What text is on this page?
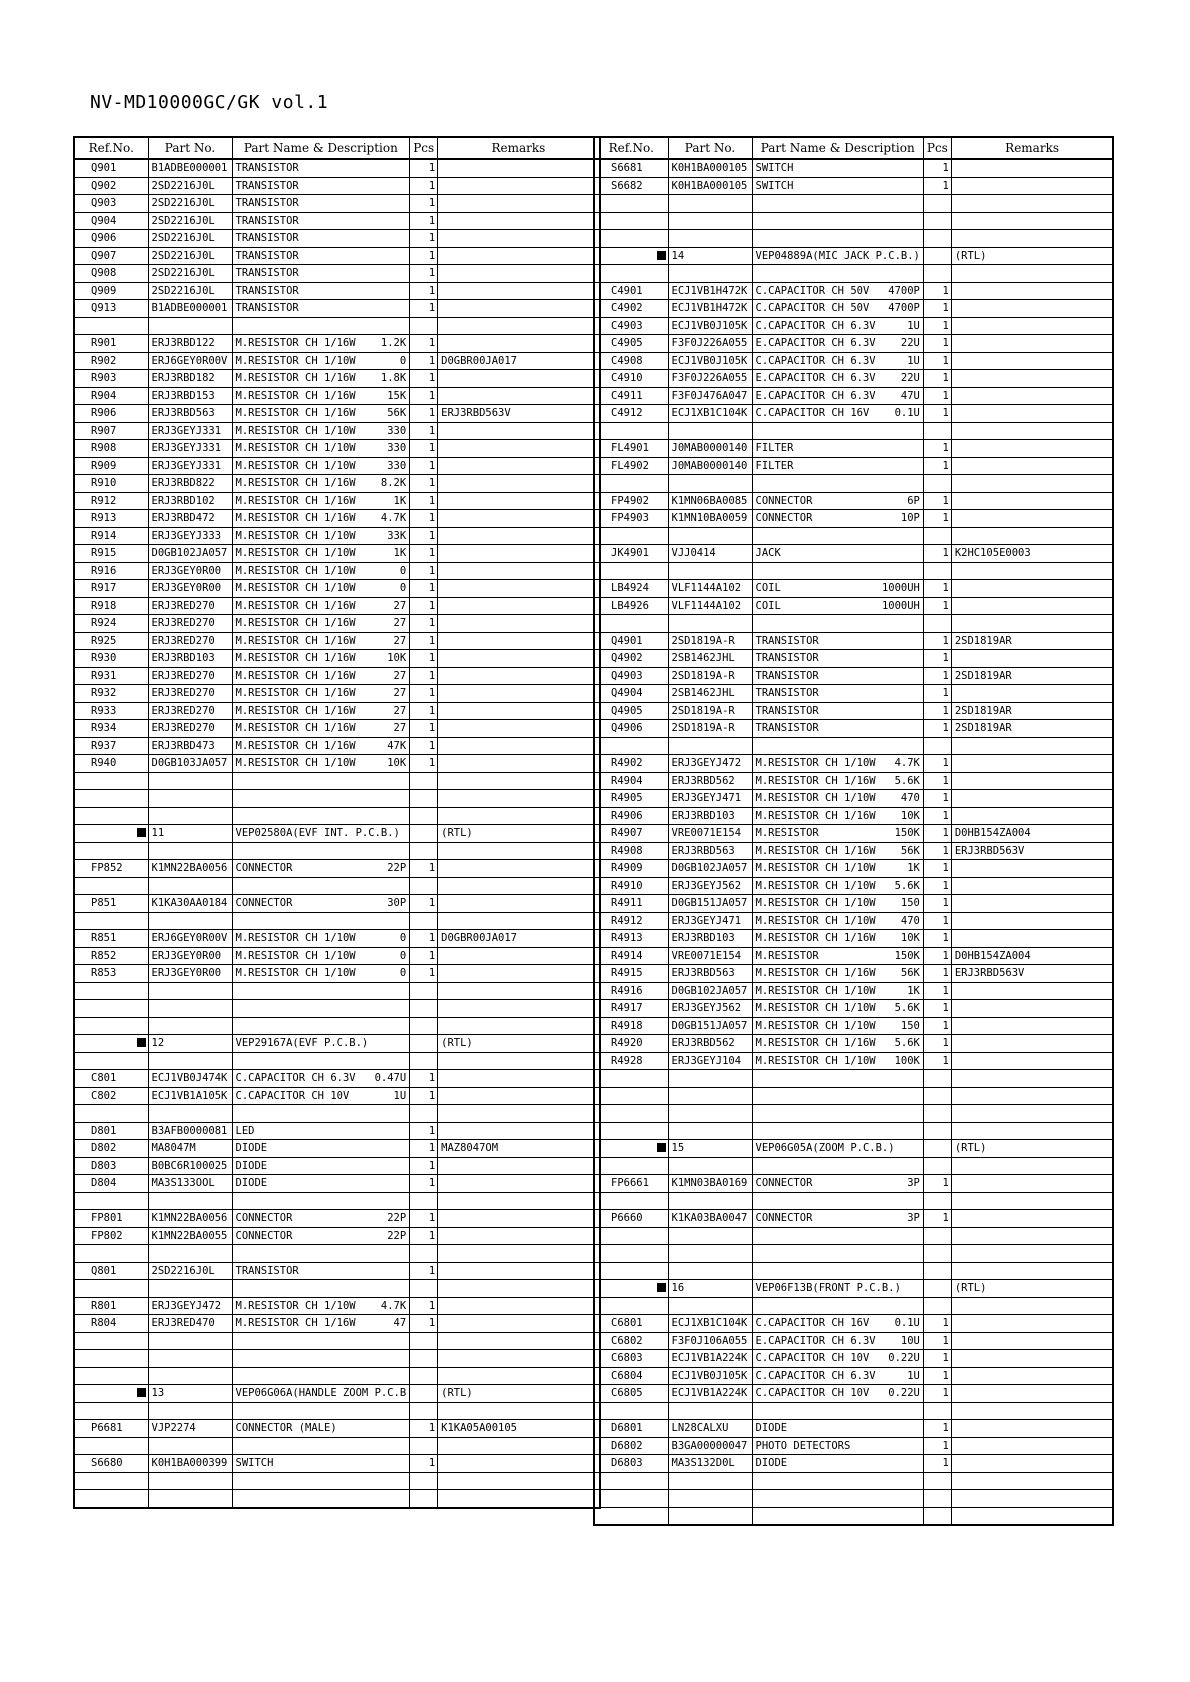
NV-MD10000GC/GK vol.1
Ref.No.	Part No.	Part Name & Description	Pcs	Remarks
Q901	B1ADBE000001	TRANSISTOR	1	
Q902	2SD2216J0L	TRANSISTOR	1	
Q903	2SD2216J0L	TRANSISTOR	1	
Q904	2SD2216J0L	TRANSISTOR	1	
Q906	2SD2216J0L	TRANSISTOR	1	
Q907	2SD2216J0L	TRANSISTOR	1	
Q908	2SD2216J0L	TRANSISTOR	1	
Q909	2SD2216J0L	TRANSISTOR	1	
Q913	B1ADBE000001	TRANSISTOR	1	

R901	ERJ3RBD122	M.RESISTOR CH 1/16W 1.2K	1	
R902	ERJ6GEY0R00V	M.RESISTOR CH 1/10W 0	1	D0GBR00JA017
R903	ERJ3RBD182	M.RESISTOR CH 1/16W 1.8K	1	
R904	ERJ3RBD153	M.RESISTOR CH 1/16W 15K	1	
R906	ERJ3RBD563	M.RESISTOR CH 1/16W 56K	1	ERJ3RBD563V
R907	ERJ3GEYJ331	M.RESISTOR CH 1/10W 330	1	
R908	ERJ3GEYJ331	M.RESISTOR CH 1/10W 330	1	
R909	ERJ3GEYJ331	M.RESISTOR CH 1/10W 330	1	
R910	ERJ3RBD822	M.RESISTOR CH 1/16W 8.2K	1	
R912	ERJ3RBD102	M.RESISTOR CH 1/16W 1K	1	
R913	ERJ3RBD472	M.RESISTOR CH 1/16W 4.7K	1	
R914	ERJ3GEYJ333	M.RESISTOR CH 1/10W 33K	1	
R915	D0GB102JA057	M.RESISTOR CH 1/10W 1K	1	
R916	ERJ3GEY0R00	M.RESISTOR CH 1/10W 0	1	
R917	ERJ3GEY0R00	M.RESISTOR CH 1/10W 0	1	
R918	ERJ3RED270	M.RESISTOR CH 1/16W 27	1	
R924	ERJ3RED270	M.RESISTOR CH 1/16W 27	1	
R925	ERJ3RED270	M.RESISTOR CH 1/16W 27	1	
R930	ERJ3RBD103	M.RESISTOR CH 1/16W 10K	1	
R931	ERJ3RED270	M.RESISTOR CH 1/16W 27	1	
R932	ERJ3RED270	M.RESISTOR CH 1/16W 27	1	
R933	ERJ3RED270	M.RESISTOR CH 1/16W 27	1	
R934	ERJ3RED270	M.RESISTOR CH 1/16W 27	1	
R937	ERJ3RBD473	M.RESISTOR CH 1/16W 47K	1	
R940	D0GB103JA057	M.RESISTOR CH 1/10W 10K	1	

	11	VEP02580A(EVF INT. P.C.B.)		(RTL)

FP852	K1MN22BA0056	CONNECTOR 22P	1	

P851	K1KA30AA0184	CONNECTOR 30P	1	

R851	ERJ6GEY0R00V	M.RESISTOR CH 1/10W 0	1	D0GBR00JA017
R852	ERJ3GEY0R00	M.RESISTOR CH 1/10W 0	1	
R853	ERJ3GEY0R00	M.RESISTOR CH 1/10W 0	1	

	12	VEP29167A(EVF P.C.B.)		(RTL)

C801	ECJ1VB0J474K	C.CAPACITOR CH 6.3V 0.47U	1	
C802	ECJ1VB1A105K	C.CAPACITOR CH 10V 1U	1	

D801	B3AFB0000081	LED	1	
D802	MA8047M	DIODE	1	MAZ8047OM
D803	B0BC6R100025	DIODE	1	
D804	MA3S133OOL	DIODE	1	

FP801	K1MN22BA0056	CONNECTOR 22P	1	
FP802	K1MN22BA0055	CONNECTOR 22P	1	

Q801	2SD2216J0L	TRANSISTOR	1	

R801	ERJ3GEYJ472	M.RESISTOR CH 1/10W 4.7K	1	
R804	ERJ3RED470	M.RESISTOR CH 1/16W 47	1	

	13	VEP06G06A(HANDLE ZOOM P.C.B		(RTL)

P6681	VJP2274	CONNECTOR (MALE)	1	K1KA05A00105

S6680	K0H1BA000399	SWITCH	1	

Ref.No.	Part No.	Part Name & Description	Pcs	Remarks
S6681	K0H1BA000105	SWITCH	1	
S6682	K0H1BA000105	SWITCH	1	

	14	VEP04889A(MIC JACK P.C.B.)		(RTL)

C4901	ECJ1VB1H472K	C.CAPACITOR CH 50V 4700P	1	
C4902	ECJ1VB1H472K	C.CAPACITOR CH 50V 4700P	1	
C4903	ECJ1VB0J105K	C.CAPACITOR CH 6.3V 1U	1	
C4905	F3F0J226A055	E.CAPACITOR CH 6.3V 22U	1	
C4908	ECJ1VB0J105K	C.CAPACITOR CH 6.3V 1U	1	
C4910	F3F0J226A055	E.CAPACITOR CH 6.3V 22U	1	
C4911	F3F0J476A047	E.CAPACITOR CH 6.3V 47U	1	
C4912	ECJ1XB1C104K	C.CAPACITOR CH 16V 0.1U	1	

FL4901	J0MAB0000140	FILTER	1	
FL4902	J0MAB0000140	FILTER	1	

FP4902	K1MN06BA0085	CONNECTOR 6P	1	
FP4903	K1MN10BA0059	CONNECTOR 10P	1	

JK4901	VJJ0414	JACK	1	K2HC105E0003

LB4924	VLF1144A102	COIL 1000UH	1	
LB4926	VLF1144A102	COIL 1000UH	1	

Q4901	2SD1819A-R	TRANSISTOR	1	2SD1819AR
Q4902	2SB1462JHL	TRANSISTOR	1	
Q4903	2SD1819A-R	TRANSISTOR	1	2SD1819AR
Q4904	2SB1462JHL	TRANSISTOR	1	
Q4905	2SD1819A-R	TRANSISTOR	1	2SD1819AR
Q4906	2SD1819A-R	TRANSISTOR	1	2SD1819AR

R4902	ERJ3GEYJ472	M.RESISTOR CH 1/10W 4.7K	1	
R4904	ERJ3RBD562	M.RESISTOR CH 1/16W 5.6K	1	
R4905	ERJ3GEYJ471	M.RESISTOR CH 1/10W 470	1	
R4906	ERJ3RBD103	M.RESISTOR CH 1/16W 10K	1	
R4907	VRE0071E154	M.RESISTOR 150K	1	D0HB154ZA004
R4908	ERJ3RBD563	M.RESISTOR CH 1/16W 56K	1	ERJ3RBD563V
R4909	D0GB102JA057	M.RESISTOR CH 1/10W 1K	1	
R4910	ERJ3GEYJ562	M.RESISTOR CH 1/10W 5.6K	1	
R4911	D0GB151JA057	M.RESISTOR CH 1/10W 150	1	
R4912	ERJ3GEYJ471	M.RESISTOR CH 1/10W 470	1	
R4913	ERJ3RBD103	M.RESISTOR CH 1/16W 10K	1	
R4914	VRE0071E154	M.RESISTOR 150K	1	D0HB154ZA004
R4915	ERJ3RBD563	M.RESISTOR CH 1/16W 56K	1	ERJ3RBD563V
R4916	D0GB102JA057	M.RESISTOR CH 1/10W 1K	1	
R4917	ERJ3GEYJ562	M.RESISTOR CH 1/10W 5.6K	1	
R4918	D0GB151JA057	M.RESISTOR CH 1/10W 150	1	
R4920	ERJ3RBD562	M.RESISTOR CH 1/16W 5.6K	1	
R4928	ERJ3GEYJ104	M.RESISTOR CH 1/10W 100K	1	

	15	VEP06G05A(ZOOM P.C.B.)		(RTL)

FP6661	K1MN03BA0169	CONNECTOR 3P	1	

P6660	K1KA03BA0047	CONNECTOR 3P	1	

	16	VEP06F13B(FRONT P.C.B.)		(RTL)

C6801	ECJ1XB1C104K	C.CAPACITOR CH 16V 0.1U	1	
C6802	F3F0J106A055	E.CAPACITOR CH 6.3V 10U	1	
C6803	ECJ1VB1A224K	C.CAPACITOR CH 10V 0.22U	1	
C6804	ECJ1VB0J105K	C.CAPACITOR CH 6.3V 1U	1	
C6805	ECJ1VB1A224K	C.CAPACITOR CH 10V 0.22U	1	

D6801	LN28CALXU	DIODE	1	
D6802	B3GA00000047	PHOTO DETECTORS	1	
D6803	MA3S132D0L	DIODE	1	
